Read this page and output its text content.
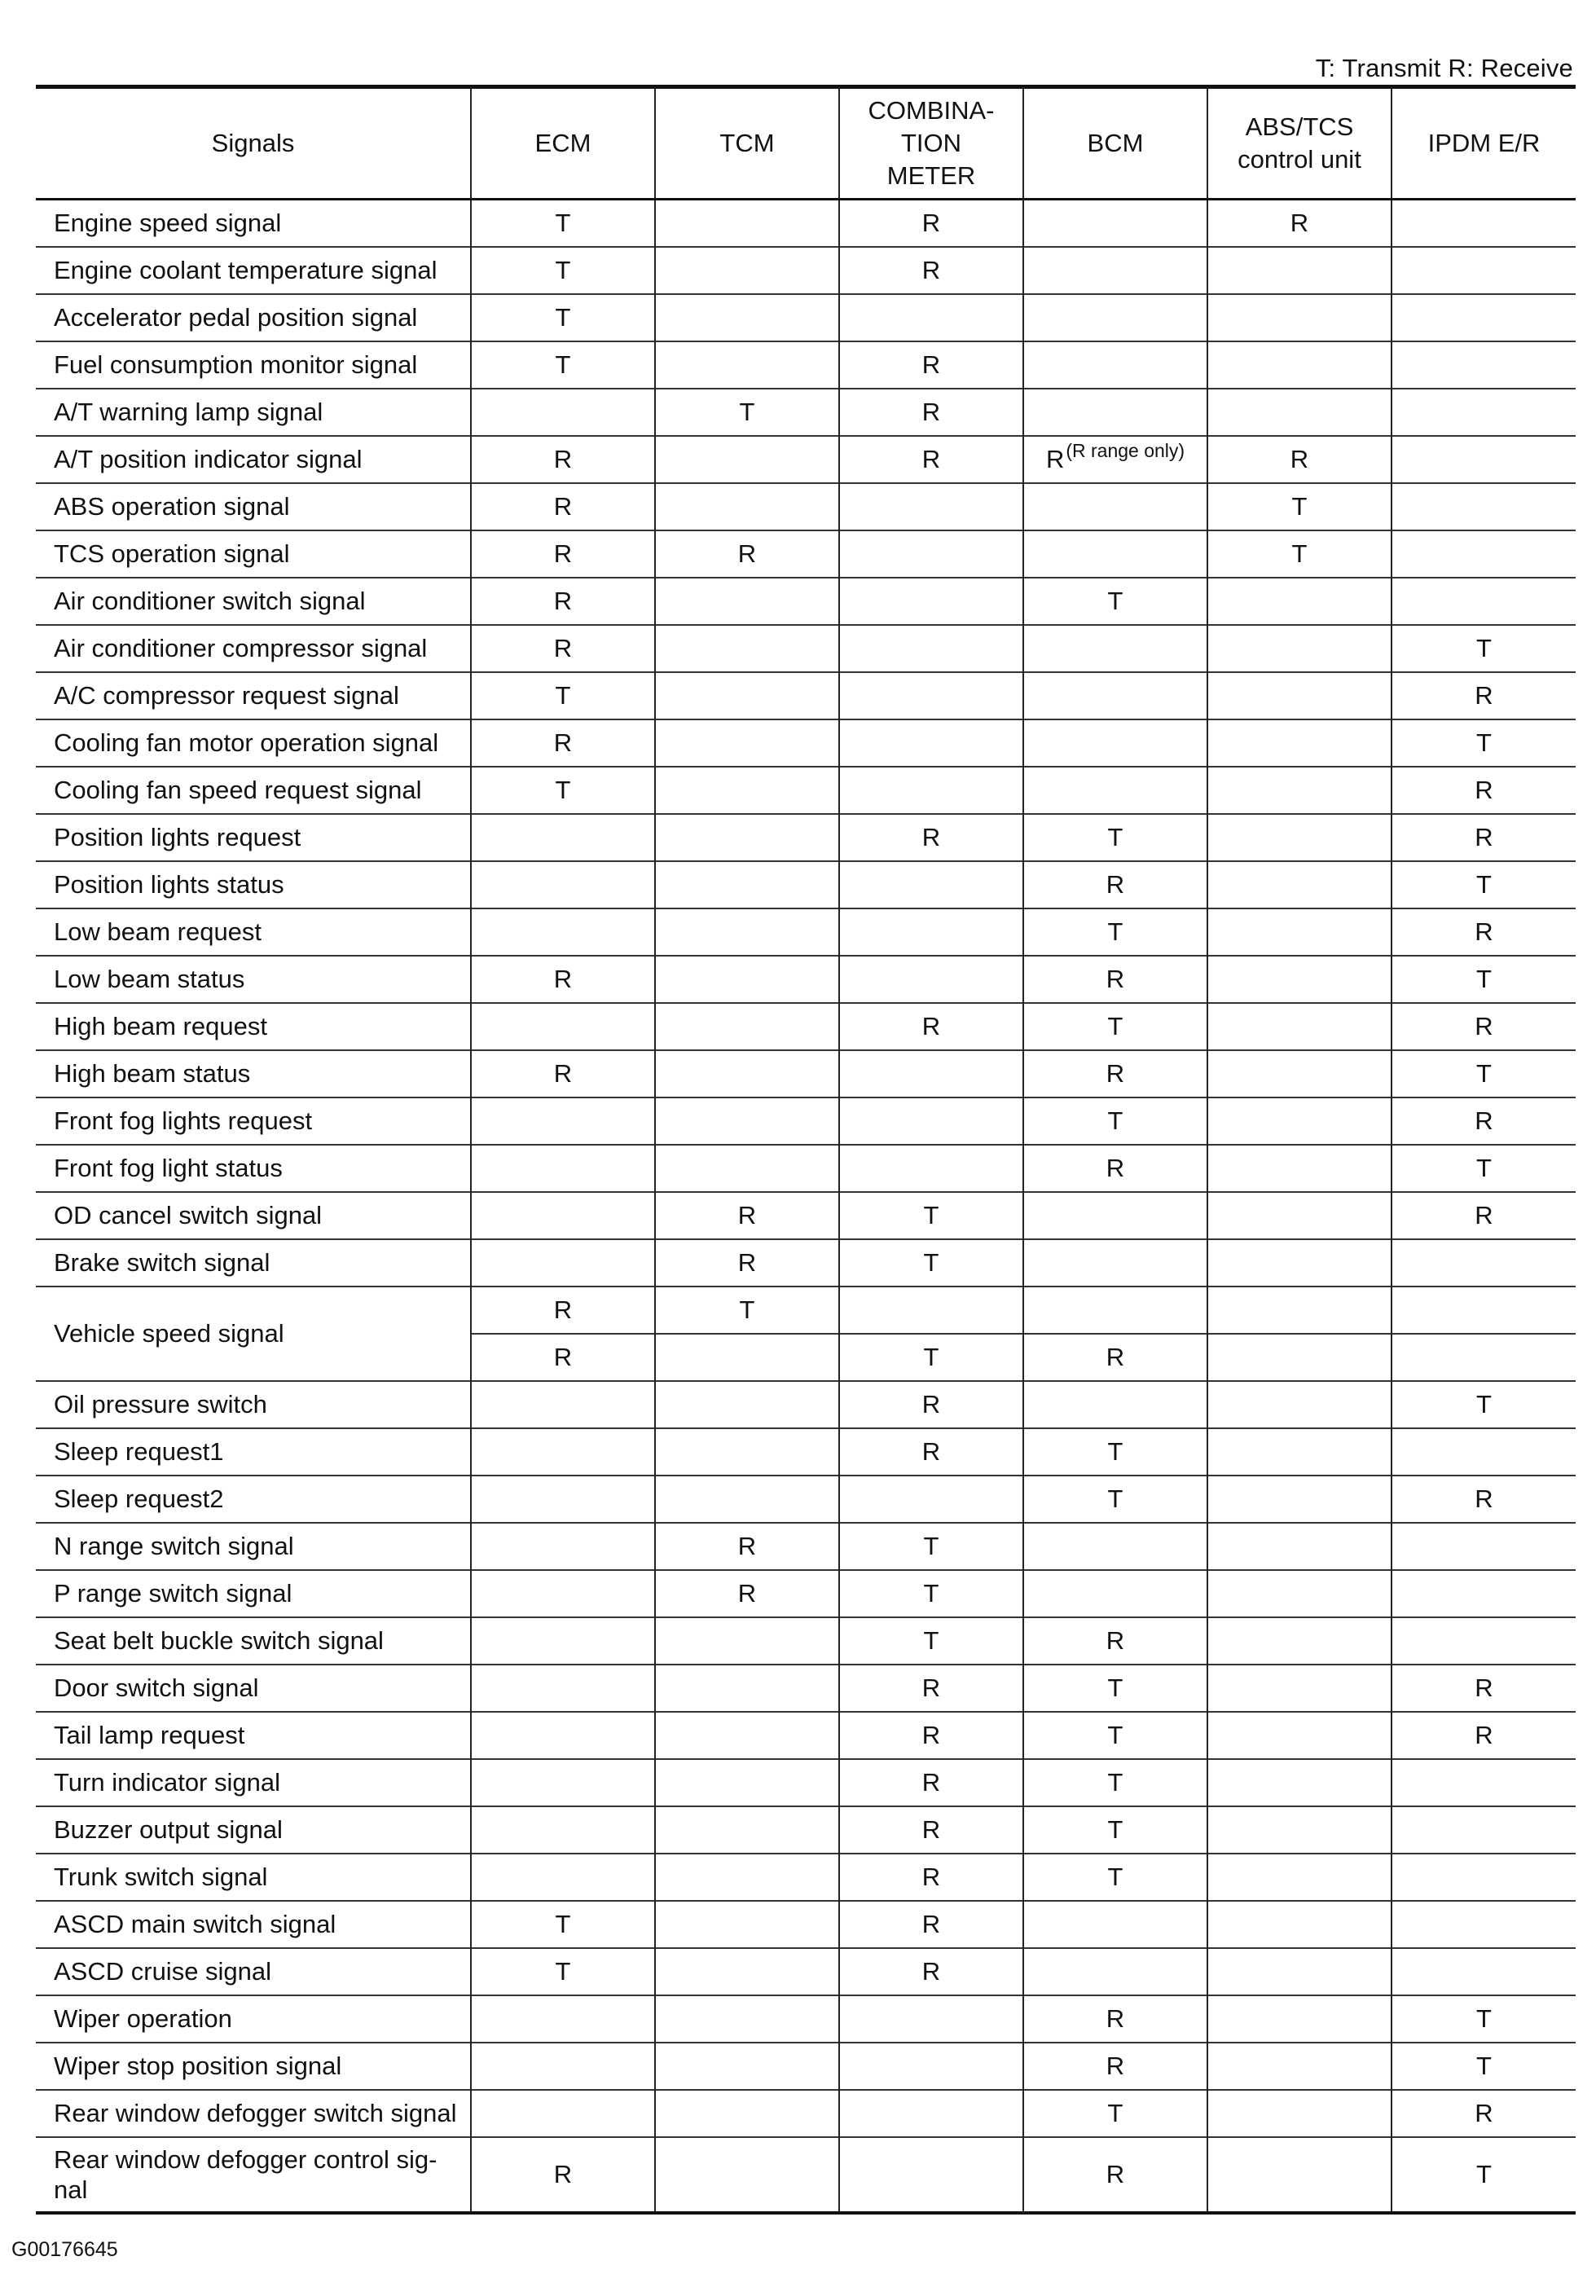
T: Transmit R: Receive
Signals	ECM	TCM	COMBINA-
TION
METER	BCM	ABS/TCS
control unit	IPDM E/R
Engine speed signal	T		R		R	
Engine coolant temperature signal	T		R			
Accelerator pedal position signal	T					
Fuel consumption monitor signal	T		R			
A/T warning lamp signal		T	R			
A/T position indicator signal	R		R	R$^{(R range only)}$	R	
ABS operation signal	R				T	
TCS operation signal	R	R			T	
Air conditioner switch signal	R			T		
Air conditioner compressor signal	R					T
A/C compressor request signal	T					R
Cooling fan motor operation signal	R					T
Cooling fan speed request signal	T					R
Position lights request			R	T		R
Position lights status				R		T
Low beam request				T		R
Low beam status	R			R		T
High beam request			R	T		R
High beam status	R			R		T
Front fog lights request				T		R
Front fog light status				R		T
OD cancel switch signal		R	T			R
Brake switch signal		R	T			
Vehicle speed signal	R	T				
	R		T	R		
Oil pressure switch			R			T
Sleep request1			R	T		
Sleep request2				T		R
N range switch signal		R	T			
P range switch signal		R	T			
Seat belt buckle switch signal			T	R		
Door switch signal			R	T		R
Tail lamp request			R	T		R
Turn indicator signal			R	T		
Buzzer output signal			R	T		
Trunk switch signal			R	T		
ASCD main switch signal	T		R			
ASCD cruise signal	T		R			
Wiper operation				R		T
Wiper stop position signal				R		T
Rear window defogger switch signal				T		R
Rear window defogger control sig-
nal	R			R		T
G00176645
